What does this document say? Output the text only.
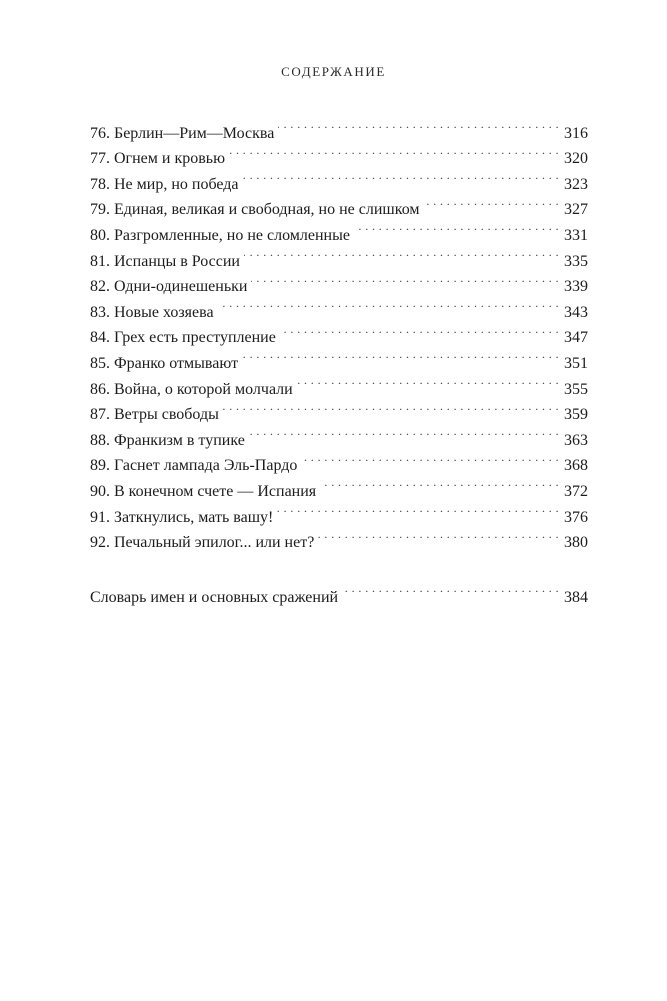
СОДЕРЖАНИЕ
76. Берлин—Рим—Москва . . .	316
77. Огнем и кровью . . .	320
78. Не мир, но победа . . .	323
79. Единая, великая и свободная, но не слишком . . .	327
80. Разгромленные, но не сломленные . . .	331
81. Испанцы в России . . .	335
82. Одни-одинешеньки . . .	339
83. Новые хозяева . . .	343
84. Грех есть преступление . . .	347
85. Франко отмывают . . .	351
86. Война, о которой молчали . . .	355
87. Ветры свободы . . .	359
88. Франкизм в тупике . . .	363
89. Гаснет лампада Эль-Пардо . . .	368
90. В конечном счете — Испания . . .	372
91. Заткнулись, мать вашу! . . .	376
92. Печальный эпилог... или нет? . . .	380
Словарь имен и основных сражений . . .	384
